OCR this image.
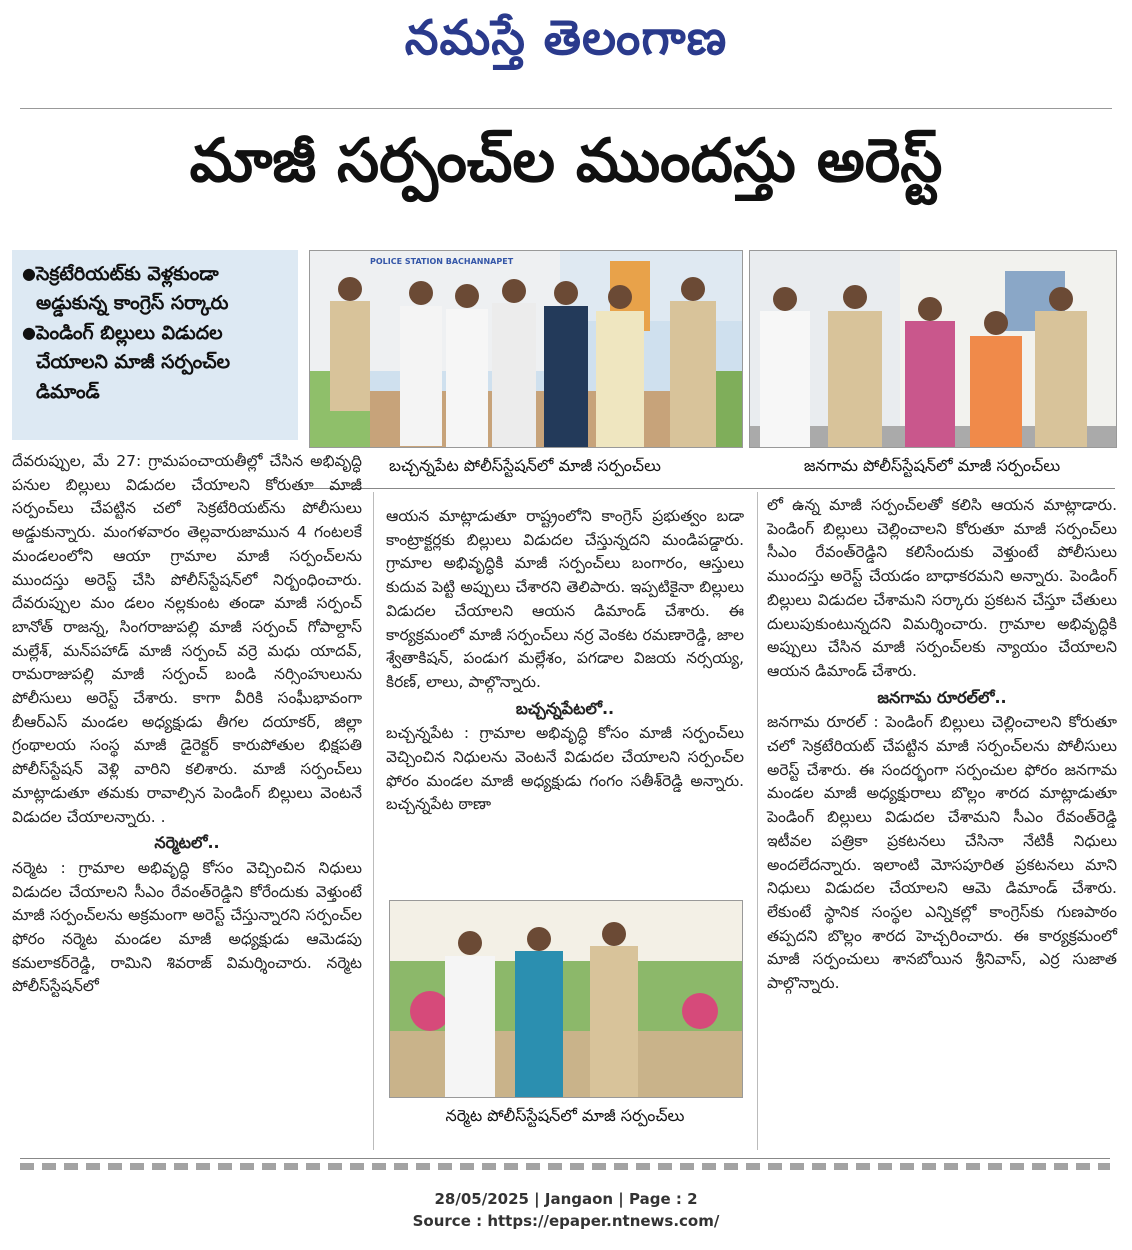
నమస్తే తెలంగాణ
మాజీ సర్పంచ్‌ల ముందస్తు అరెస్ట్
● సెక్రటేరియట్‌కు వెళ్లకుండా అడ్డుకున్న కాంగ్రెస్ సర్కారు
● పెండింగ్ బిల్లులు విడుదల చేయాలని మాజీ సర్పంచ్‌ల డిమాండ్
POLICE STATION BACHANNAPET
బచ్చన్నపేట పోలీస్‌స్టేషన్‌లో మాజీ సర్పంచ్‌లు	జనగామ పోలీస్‌స్టేషన్‌లో మాజీ సర్పంచ్‌లు

దేవరుప్పుల, మే 27: గ్రామపంచాయతీల్లో చేసిన అభివృద్ధి పనుల బిల్లులు విడుదల చేయాలని కోరుతూ మాజీ సర్పంచ్‌లు చేపట్టిన చలో సెక్రటేరియట్‌ను పోలీసులు అడ్డుకున్నారు. మంగళవారం తెల్లవారుజామున 4 గంటలకే మండలంలోని ఆయా గ్రామాల మాజీ సర్పంచ్‌లను ముందస్తు అరెస్ట్ చేసి పోలీస్‌స్టేషన్‌లో నిర్బంధించారు. దేవరుప్పుల మం డలం నల్లకుంట తండా మాజీ సర్పంచ్ బానోత్ రాజన్న, సింగరాజుపల్లి మాజీ సర్పంచ్ గోపాల్దాస్ మల్లేశ్, మన్‌పహాడ్ మాజీ సర్పంచ్ వర్రె మధు యాదవ్, రామరాజుపల్లి మాజీ సర్పంచ్ బండి నర్సింహులును పోలీసులు అరెస్ట్ చేశారు. కాగా వీరికి సంఘీభావంగా బీఆర్‌ఎస్ మండల అధ్యక్షుడు తీగల దయాకర్, జిల్లా గ్రంథాలయ సంస్థ మాజీ డైరెక్టర్ కారుపోతుల భిక్షపతి పోలీస్‌స్టేషన్ వెళ్లి వారిని కలిశారు. మాజీ సర్పంచ్‌లు మాట్లాడుతూ తమకు రావాల్సిన పెండింగ్ బిల్లులు వెంటనే విడుదల చేయాలన్నారు. .

నర్మెటలో..

నర్మెట : గ్రామాల అభివృద్ధి కోసం వెచ్చించిన నిధులు విడుదల చేయాలని సీఎం రేవంత్‌రెడ్డిని కోరేందుకు వెళ్తుంటే మాజీ సర్పంచ్‌లను అక్రమంగా అరెస్ట్ చేస్తున్నారని సర్పంచ్‌ల ఫోరం నర్మెట మండల మాజీ అధ్యక్షుడు ఆమెడపు కమలాకర్‌రెడ్డి, రామిని శివరాజ్ విమర్శించారు. నర్మెట పోలీస్‌స్టేషన్‌లో

ఆయన మాట్లాడుతూ రాష్ట్రంలోని కాంగ్రెస్ ప్రభుత్వం బడా కాంట్రాక్టర్లకు బిల్లులు విడుదల చేస్తున్నదని మండిపడ్డారు. గ్రామాల అభివృద్ధికి మాజీ సర్పంచ్‌లు బంగారం, ఆస్తులు కుదువ పెట్టి అప్పులు చేశారని తెలిపారు. ఇప్పటికైనా బిల్లులు విడుదల చేయాలని ఆయన డిమాండ్ చేశారు. ఈ కార్యక్రమంలో మాజీ సర్పంచ్‌లు నర్ర వెంకట రమణారెడ్డి, జాల శ్వేతాకిషన్, పండుగ మల్లేశం, పగడాల విజయ నర్సయ్య, కిరణ్, లాలు, పాల్గొన్నారు.

బచ్చన్నపేటలో..

బచ్చన్నపేట : గ్రామాల అభివృద్ధి కోసం మాజీ సర్పంచ్‌లు వెచ్చించిన నిధులను వెంటనే విడుదల చేయాలని సర్పంచ్‌ల ఫోరం మండల మాజీ అధ్యక్షుడు గంగం సతీశ్‌రెడ్డి అన్నారు. బచ్చన్నపేట ఠాణా

నర్మెట పోలీస్‌స్టేషన్‌లో మాజీ సర్పంచ్‌లు

లో ఉన్న మాజీ సర్పంచ్‌లతో కలిసి ఆయన మాట్లాడారు. పెండింగ్ బిల్లులు చెల్లించాలని కోరుతూ మాజీ సర్పంచ్‌లు సీఎం రేవంత్‌రెడ్డిని కలిసేందుకు వెళ్తుంటే పోలీసులు ముందస్తు అరెస్ట్ చేయడం బాధాకరమని అన్నారు. పెండింగ్ బిల్లులు విడుదల చేశామని సర్కారు ప్రకటన చేస్తూ చేతులు దులుపుకుంటున్నదని విమర్శించారు. గ్రామాల అభివృద్ధికి అప్పులు చేసిన మాజీ సర్పంచ్‌లకు న్యాయం చేయాలని ఆయన డిమాండ్ చేశారు.

జనగామ రూరల్‌లో..

జనగామ రూరల్ : పెండింగ్ బిల్లులు చెల్లించాలని కోరుతూ చలో సెక్రటేరియట్ చేపట్టిన మాజీ సర్పంచ్‌లను పోలీసులు అరెస్ట్ చేశారు. ఈ సందర్భంగా సర్పంచుల ఫోరం జనగామ మండల మాజీ అధ్యక్షురాలు బొల్లం శారద మాట్లాడుతూ పెండింగ్ బిల్లులు విడుదల చేశామని సీఎం రేవంత్‌రెడ్డి ఇటీవల పత్రికా ప్రకటనలు చేసినా నేటికీ నిధులు అందలేదన్నారు. ఇలాంటి మోసపూరిత ప్రకటనలు మాని నిధులు విడుదల చేయాలని ఆమె డిమాండ్ చేశారు. లేకుంటే స్థానిక సంస్థల ఎన్నికల్లో కాంగ్రెస్‌కు గుణపాఠం తప్పదని బొల్లం శారద హెచ్చరించారు. ఈ కార్యక్రమంలో మాజీ సర్పంచులు శానబోయిన శ్రీనివాస్, ఎర్ర సుజాత పాల్గొన్నారు.

28/05/2025 | Jangaon | Page : 2
Source : https://epaper.ntnews.com/
